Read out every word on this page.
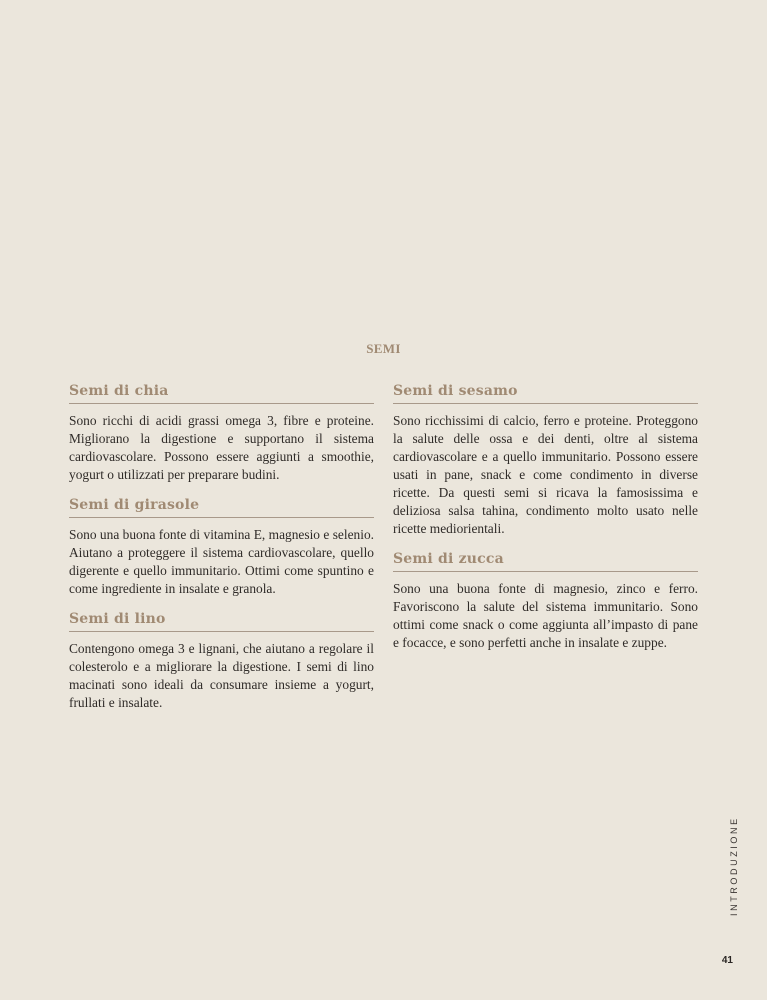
SEMI
Semi di chia

Sono ricchi di acidi grassi omega 3, fibre e proteine. Migliorano la digestione e supportano il sistema cardiovascolare. Possono essere aggiunti a smoothie, yogurt o utilizzati per preparare budini.

Semi di girasole

Sono una buona fonte di vitamina E, magnesio e selenio. Aiutano a proteggere il sistema cardiovascolare, quello digerente e quello immunitario. Ottimi come spuntino e come ingrediente in insalate e granola.

Semi di lino

Contengono omega 3 e lignani, che aiutano a regolare il colesterolo e a migliorare la digestione. I semi di lino macinati sono ideali da consumare insieme a yogurt, frullati e insalate.

Semi di sesamo

Sono ricchissimi di calcio, ferro e proteine. Proteggono la salute delle ossa e dei denti, oltre al sistema cardiovascolare e a quello immunitario. Possono essere usati in pane, snack e come condimento in diverse ricette. Da questi semi si ricava la famosissima e deliziosa salsa tahina, condimento molto usato nelle ricette mediorientali.

Semi di zucca

Sono una buona fonte di magnesio, zinco e ferro. Favoriscono la salute del sistema immunitario. Sono ottimi come snack o come aggiunta all’impasto di pane e focacce, e sono perfetti anche in insalate e zuppe.

INTRODUZIONE
41
